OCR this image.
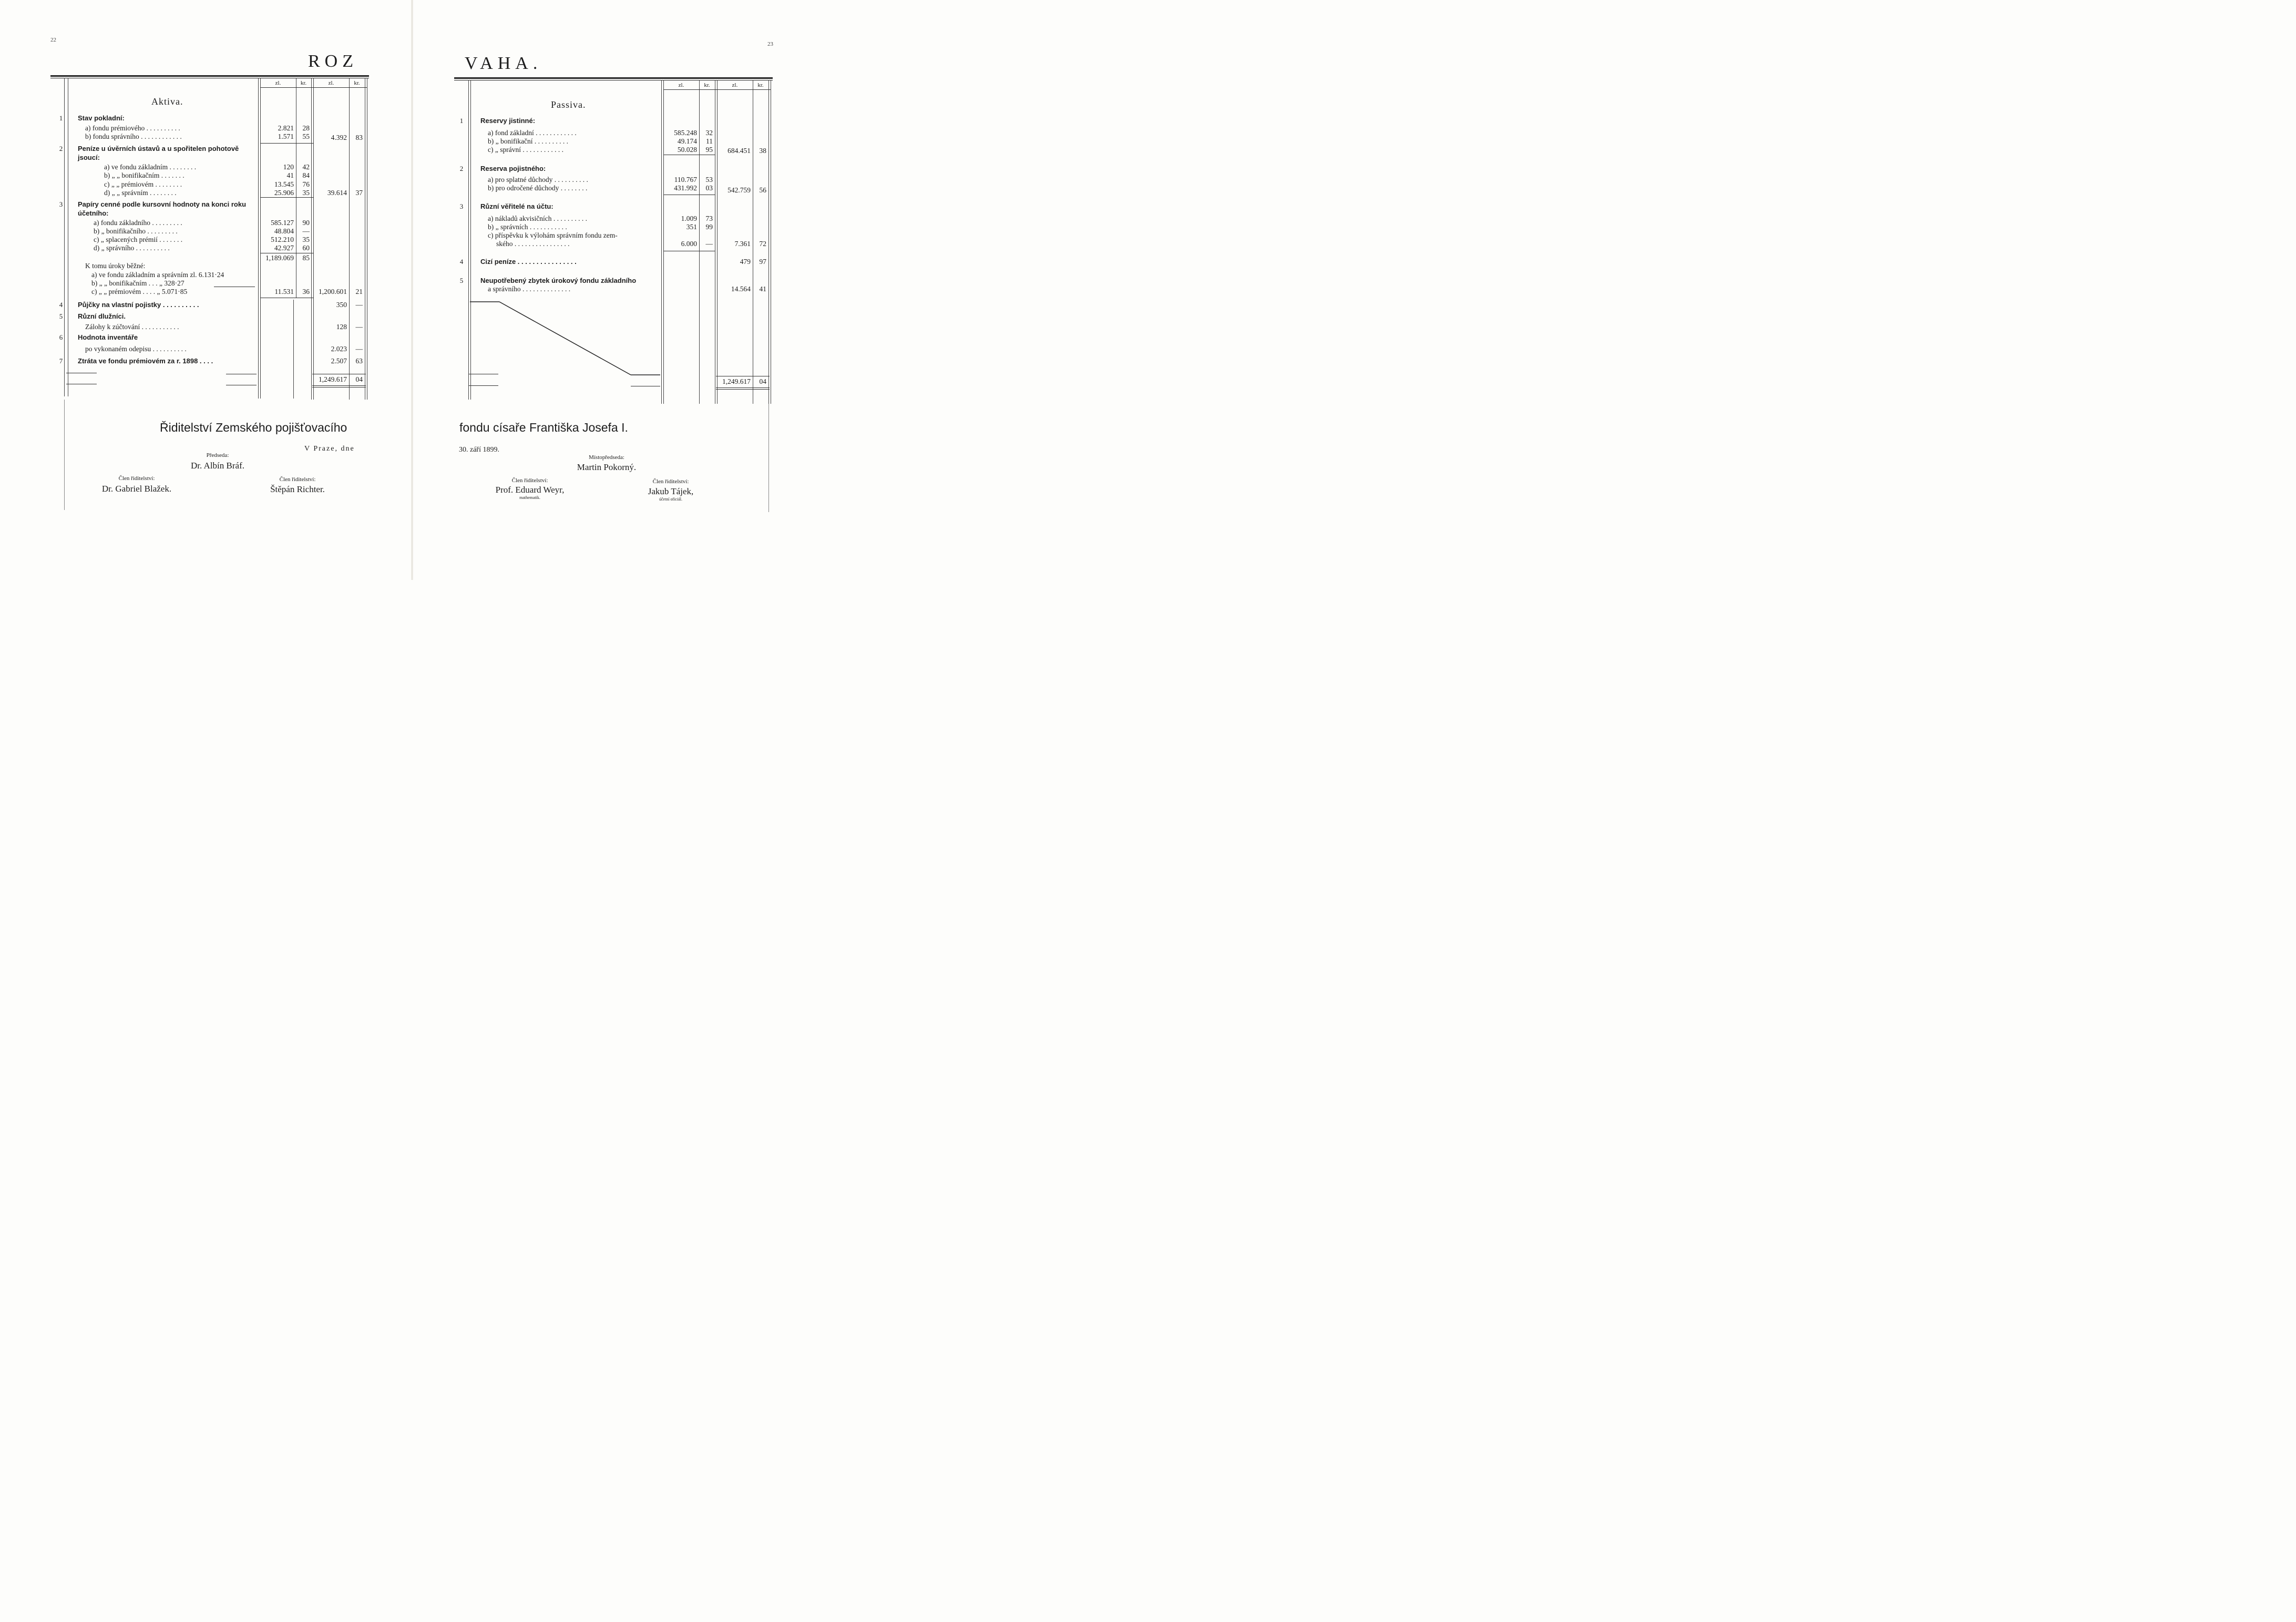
22
ROZ
zl.	kr.	zl.	kr.
Aktiva.
1	Stav pokladní:
a) fondu prémiového . . . . . . . . . .	2.821	28
b) fondu správního . . . . . . . . . . . .	1.571	55	4.392	83
2	Peníze u úvěrních ústavů a u spořitelen pohotově
jsoucí:
a) ve fondu základním . . . . . . . .	120	42
b) „ „ bonifikačním . . . . . . .	41	84
c) „ „ prémiovém . . . . . . . .	13.545	76
d) „ „ správním . . . . . . . .	25.906	35	39.614	37
3	Papíry cenné podle kursovní hodnoty na konci roku
účetního:
a) fondu základního . . . . . . . . .	585.127	90
b) „ bonifikačního . . . . . . . . .	48.804	—
c) „ splacených prémií . . . . . . .	512.210	35
d) „ správního . . . . . . . . . .	42.927	60
1,189.069	85
K tomu úroky běžné:
a) ve fondu základním a správním zl. 6.131·24
b) „ „ bonifikačním . . . „ 328·27
c) „ „ prémiovém . . . . „ 5.071·85	11.531	36	1,200.601	21
4	Půjčky na vlastní pojistky . . . . . . . . . .	350	—
5	Různí dlužníci.
Zálohy k zúčtování . . . . . . . . . . .	128	—
6	Hodnota inventáře
po vykonaném odepisu . . . . . . . . . .	2.023	—
7	Ztráta ve fondu prémiovém za r. 1898 . . . .	2.507	63
1,249.617	04
Řiditelství Zemského pojišťovacího
V Praze, dne
Předseda:
Dr. Albín Bráf.
Člen řiditelství:
Dr. Gabriel Blažek.
Člen řiditelství:
Štěpán Richter.
23
VAHA.
zl.	kr.	zl.	kr.
Passiva.
1	Reservy jistinné:
a) fond základní . . . . . . . . . . . .	585.248	32
b) „ bonifikační . . . . . . . . . .	49.174	11
c) „ správní . . . . . . . . . . . .	50.028	95	684.451	38
2	Reserva pojistného:
a) pro splatné důchody . . . . . . . . . .	110.767	53
b) pro odročené důchody . . . . . . . .	431.992	03	542.759	56
3	Různí věřitelé na účtu:
a) nákladů akvisičních . . . . . . . . . .	1.009	73
b) „ správních . . . . . . . . . . .	351	99
c) příspěvku k výlohám správním fondu zem-
ského . . . . . . . . . . . . . . . .	6.000	—	7.361	72
4	Cizí peníze . . . . . . . . . . . . . . . .	479	97
5	Neupotřebený zbytek úrokový fondu základního
a správního . . . . . . . . . . . . . .	14.564	41
1,249.617	04
fondu císaře Františka Josefa I.
30. září 1899.
Místopředseda:
Martin Pokorný.
Člen řiditelství:
Prof. Eduard Weyr,
mathematik.
Člen řiditelství:
Jakub Tájek,
účetní oficiál.
